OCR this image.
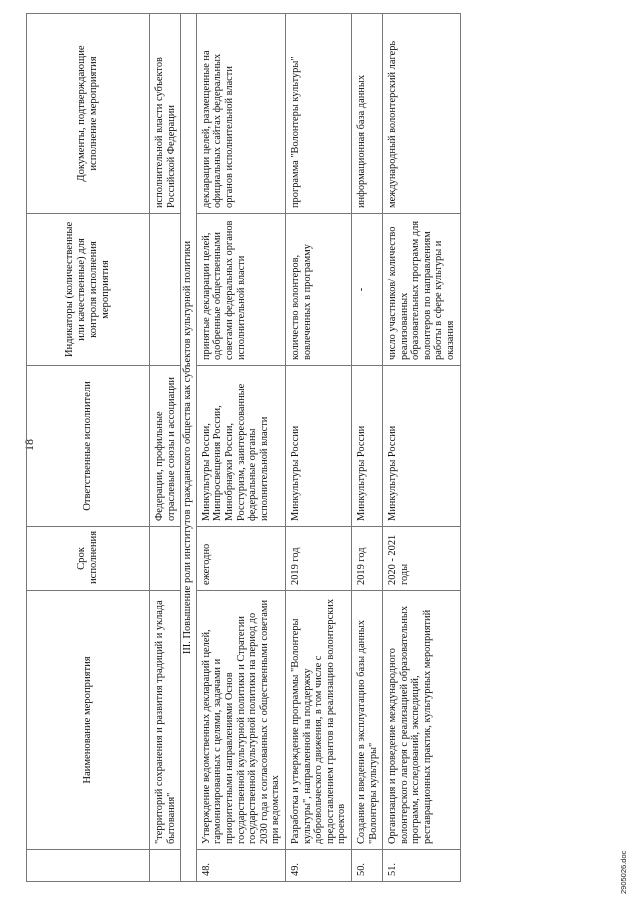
18
	Наименование мероприятия	Срок исполнения	Ответственные исполнители	Индикаторы (количественные или качественные) для контроля исполнения мероприятия	Документы, подтверждающие исполнение мероприятия
	"территорий сохранения и развития традиций и уклада бытования"		Федерации, профильные отраслевые союзы и ассоциации		исполнительной власти субъектов Российской Федерации
III. Повышение роли институтов гражданского общества как субъектов культурной политики					
48.	Утверждение ведомственных деклараций целей, гармонизированных с целями, задачами и приоритетными направлениями Основ государственной культурной политики и Стратегии государственной культурной политики на период до 2030 года и согласованных с общественными советами при ведомствах	ежегодно	Минкультуры России, Минпросвещения России, Минобрнауки России, Росстуризм, заинтересованные федеральные органы исполнительной власти	принятые декларации целей, одобренные общественными советами федеральных органов исполнительной власти	декларации целей, размещенные на официальных сайтах федеральных органов исполнительной власти
49.	Разработка и утверждение программы "Волонтеры культуры", направленной на поддержку добровольческого движения, в том числе с предоставлением грантов на реализацию волонтерских проектов	2019 год	Минкультуры России	количество волонтеров, вовлеченных в программу	программа "Волонтеры культуры"
50.	Создание и введение в эксплуатацию базы данных "Волонтеры культуры"	2019 год	Минкультуры России	-	информационная база данных
51.	Организация и проведение международного волонтерского лагеря с реализацией образовательных программ, исследований, экспедиций, реставрационных практик, культурных мероприятий	2020 - 2021 годы	Минкультуры России	число участников/ количество реализованных образовательных программ для волонтеров по направлениям работы в сфере культуры и оказания	международный волонтерский лагерь
2905026.doc
